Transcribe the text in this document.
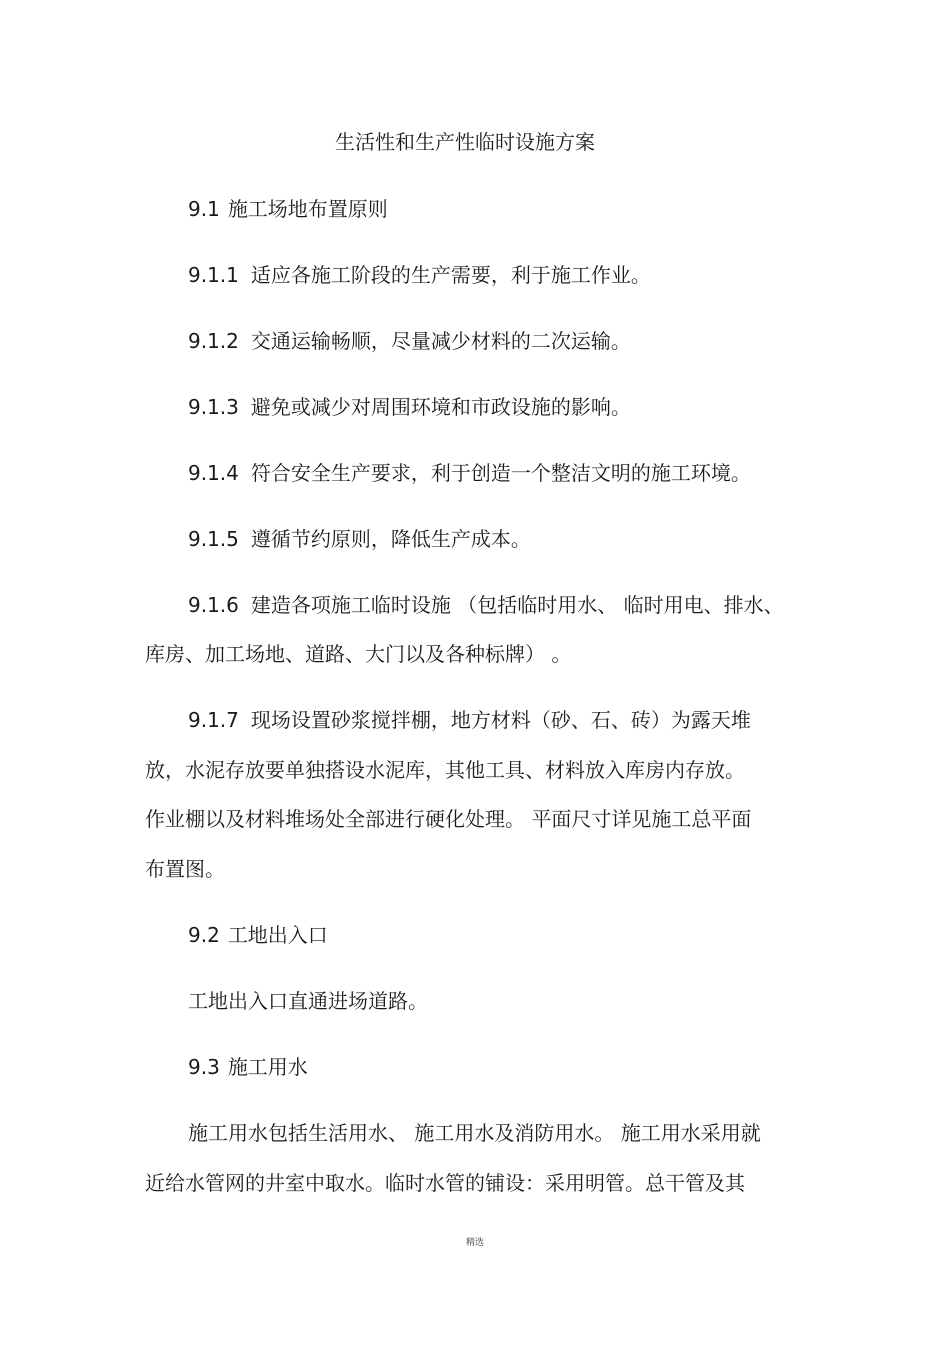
生活性和生产性临时设施方案
9.1 施工场地布置原则
9.1.1 适应各施工阶段的生产需要，利于施工作业。
9.1.2 交通运输畅顺，尽量减少材料的二次运输。
9.1.3 避免或减少对周围环境和市政设施的影响。
9.1.4 符合安全生产要求，利于创造一个整洁文明的施工环境。
9.1.5 遵循节约原则，降低生产成本。
9.1.6 建造各项施工临时设施 （包括临时用水、 临时用电、排水、
库房、加工场地、道路、大门以及各种标牌） 。
9.1.7 现场设置砂浆搅拌棚，地方材料（砂、石、砖）为露天堆
放，水泥存放要单独搭设水泥库，其他工具、材料放入库房内存放。
作业棚以及材料堆场处全部进行硬化处理。 平面尺寸详见施工总平面
布置图。
9.2 工地出入口
工地出入口直通进场道路。
9.3 施工用水
施工用水包括生活用水、 施工用水及消防用水。 施工用水采用就
近给水管网的井室中取水。临时水管的铺设：采用明管。总干管及其
精选
